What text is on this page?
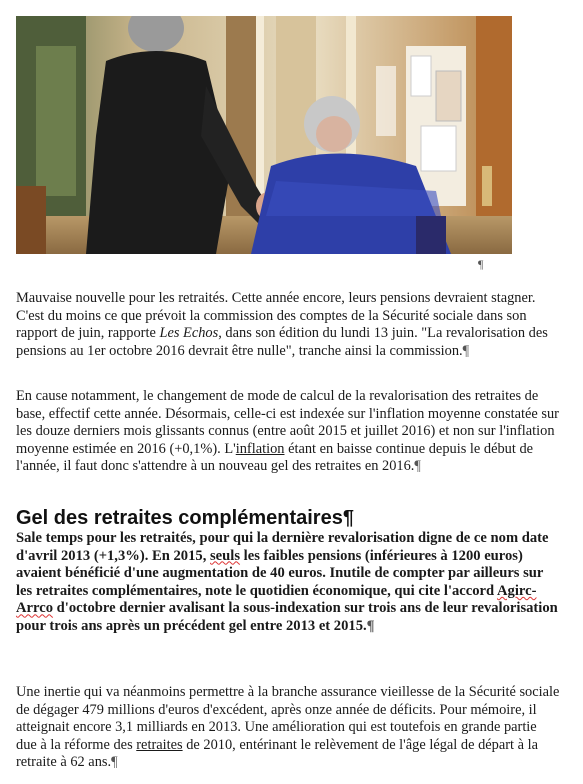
¶

Mauvaise nouvelle pour les retraités. Cette année encore, leurs pensions devraient stagner. C'est du moins ce que prévoit la commission des comptes de la Sécurité sociale dans son rapport de juin, rapporte Les Echos, dans son édition du lundi 13 juin. "La revalorisation des pensions au 1er octobre 2016 devrait être nulle", tranche ainsi la commission.¶

En cause notamment, le changement de mode de calcul de la revalorisation des retraites de base, effectif cette année. Désormais, celle-ci est indexée sur l'inflation moyenne constatée sur les douze derniers mois glissants connus (entre août 2015 et juillet 2016) et non sur l'inflation moyenne estimée en 2016 (+0,1%). L'inflation étant en baisse continue depuis le début de l'année, il faut donc s'attendre à un nouveau gel des retraites en 2016.¶

Gel des retraites complémentaires¶

Sale temps pour les retraités, pour qui la dernière revalorisation digne de ce nom date d'avril 2013 (+1,3%). En 2015, seuls les faibles pensions (inférieures à 1200 euros) avaient bénéficié d'une augmentation de 40 euros. Inutile de compter par ailleurs sur les retraites complémentaires, note le quotidien économique, qui cite l'accord Agirc-Arrco d'octobre dernier avalisant la sous-indexation sur trois ans de leur revalorisation pour trois ans après un précédent gel entre 2013 et 2015.¶

Une inertie qui va néanmoins permettre à la branche assurance vieillesse de la Sécurité sociale de dégager 479 millions d'euros d'excédent, après onze année de déficits. Pour mémoire, il atteignait encore 3,1 milliards en 2013. Une amélioration qui est toutefois en grande partie due à la réforme des retraites de 2010, entérinant le relèvement de l'âge légal de départ à la retraite à 62 ans.¶
